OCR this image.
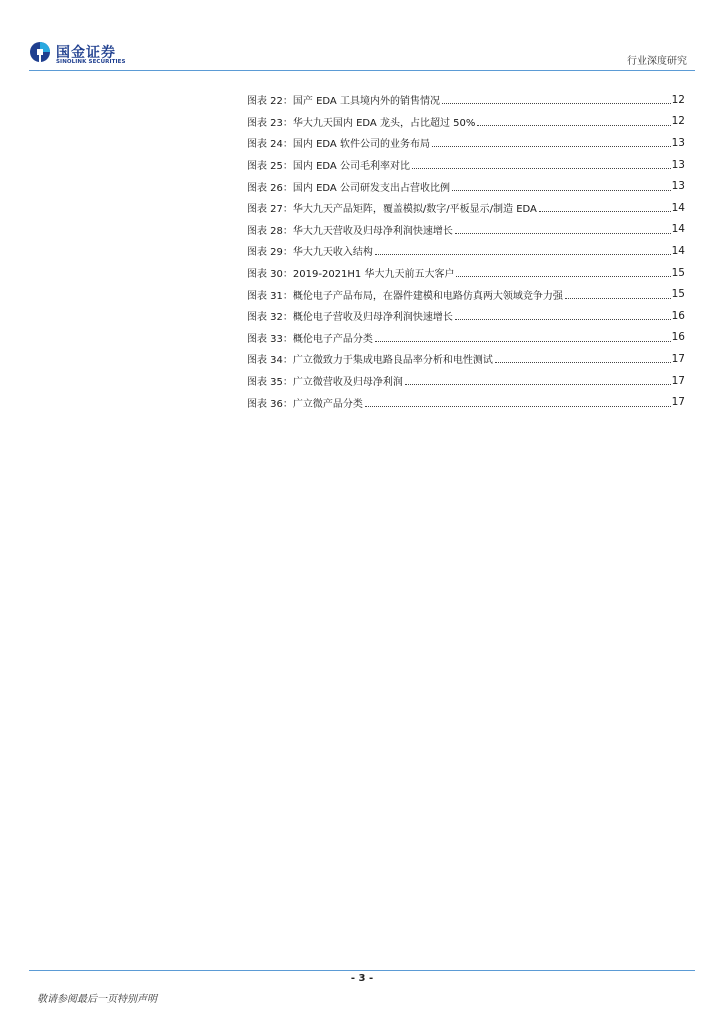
国金证券
SINOLINK SECURITIES	行业深度研究
图表 22：国产 EDA 工具境内外的销售情况	12
图表 23：华大九天国内 EDA 龙头，占比超过 50%	12
图表 24：国内 EDA 软件公司的业务布局	13
图表 25：国内 EDA 公司毛利率对比	13
图表 26：国内 EDA 公司研发支出占营收比例	13
图表 27：华大九天产品矩阵，覆盖模拟/数字/平板显示/制造 EDA	14
图表 28：华大九天营收及归母净利润快速增长	14
图表 29：华大九天收入结构	14
图表 30：2019-2021H1 华大九天前五大客户	15
图表 31：概伦电子产品布局，在器件建模和电路仿真两大领域竞争力强	15
图表 32：概伦电子营收及归母净利润快速增长	16
图表 33：概伦电子产品分类	16
图表 34：广立微致力于集成电路良品率分析和电性测试	17
图表 35：广立微营收及归母净利润	17
图表 36：广立微产品分类	17
- 3 -
敬请参阅最后一页特别声明
